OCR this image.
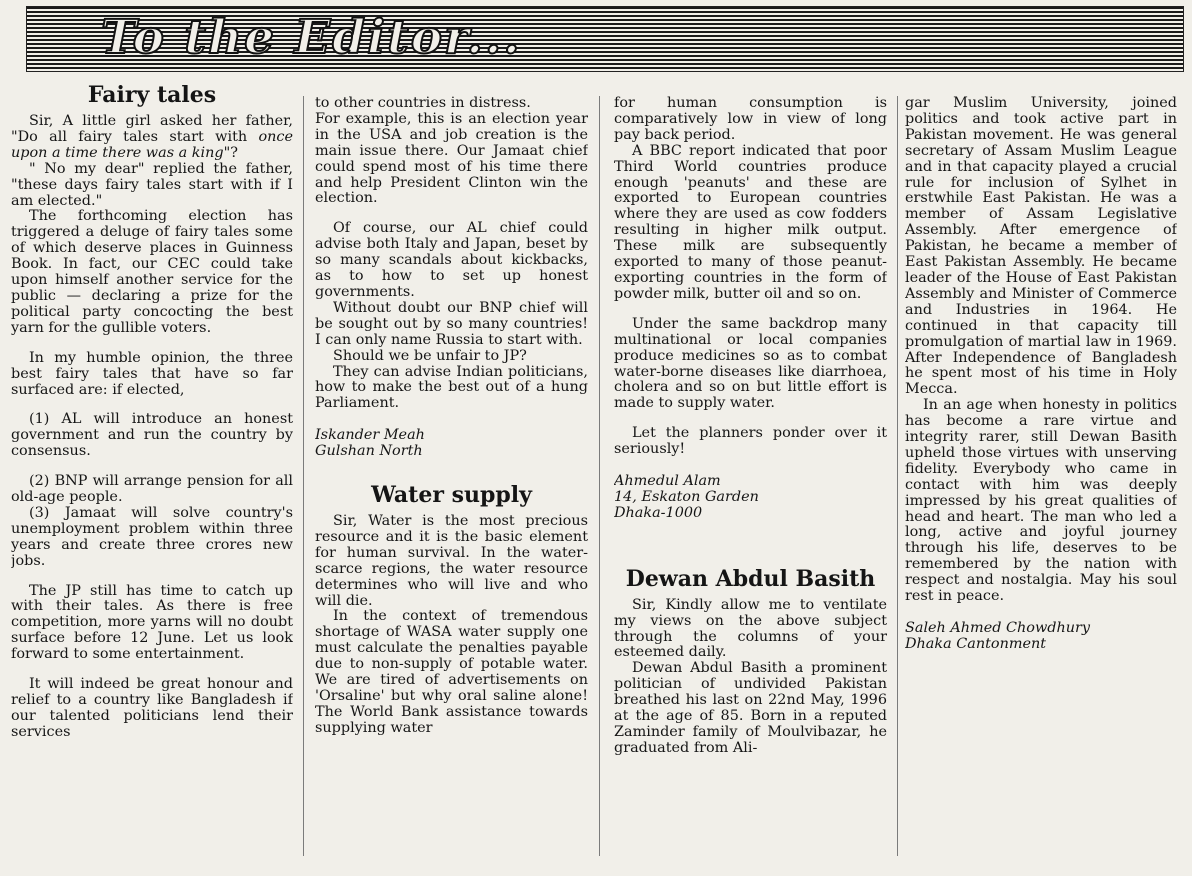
To the Editor...
Fairy tales

Sir, A little girl asked her father, "Do all fairy tales start with once upon a time there was a king"?

" No my dear" replied the father, "these days fairy tales start with if I am elected."

The forthcoming election has triggered a deluge of fairy tales some of which deserve places in Guinness Book. In fact, our CEC could take upon himself another service for the public — declaring a prize for the political party concocting the best yarn for the gullible voters.

In my humble opinion, the three best fairy tales that have so far surfaced are: if elected,

(1) AL will introduce an honest government and run the country by consensus.

(2) BNP will arrange pension for all old-age people.

(3) Jamaat will solve country's unemployment problem within three years and create three crores new jobs.

The JP still has time to catch up with their tales. As there is free competition, more yarns will no doubt surface before 12 June. Let us look forward to some entertainment.

It will indeed be great honour and relief to a country like Bangladesh if our talented politicians lend their services

to other countries in distress.

For example, this is an election year in the USA and job creation is the main issue there. Our Jamaat chief could spend most of his time there and help President Clinton win the election.

Of course, our AL chief could advise both Italy and Japan, beset by so many scandals about kickbacks, as to how to set up honest governments.

Without doubt our BNP chief will be sought out by so many countries! I can only name Russia to start with.

Should we be unfair to JP?

They can advise Indian politicians, how to make the best out of a hung Parliament.

Iskander Meah
Gulshan North
Water supply

Sir, Water is the most precious resource and it is the basic element for human survival. In the water-scarce regions, the water resource determines who will live and who will die.

In the context of tremendous shortage of WASA water supply one must calculate the penalties payable due to non-supply of potable water. We are tired of advertisements on 'Orsaline' but why oral saline alone! The World Bank assistance towards supplying water

for human consumption is comparatively low in view of long pay back period.

A BBC report indicated that poor Third World countries produce enough 'peanuts' and these are exported to European countries where they are used as cow fodders resulting in higher milk output. These milk are subsequently exported to many of those peanut-exporting countries in the form of powder milk, butter oil and so on.

Under the same backdrop many multinational or local companies produce medicines so as to combat water-borne diseases like diarrhoea, cholera and so on but little effort is made to supply water.

Let the planners ponder over it seriously!

Ahmedul Alam
14, Eskaton Garden
Dhaka-1000
Dewan Abdul Basith

Sir, Kindly allow me to ventilate my views on the above subject through the columns of your esteemed daily.

Dewan Abdul Basith a prominent politician of undivided Pakistan breathed his last on 22nd May, 1996 at the age of 85. Born in a reputed Zaminder family of Moulvibazar, he graduated from Ali-

gar Muslim University, joined politics and took active part in Pakistan movement. He was general secretary of Assam Muslim League and in that capacity played a crucial rule for inclusion of Sylhet in erstwhile East Pakistan. He was a member of Assam Legislative Assembly. After emergence of Pakistan, he became a member of East Pakistan Assembly. He became leader of the House of East Pakistan Assembly and Minister of Commerce and Industries in 1964. He continued in that capacity till promulgation of martial law in 1969. After Independence of Bangladesh he spent most of his time in Holy Mecca.

In an age when honesty in politics has become a rare virtue and integrity rarer, still Dewan Basith upheld those virtues with unserving fidelity. Everybody who came in contact with him was deeply impressed by his great qualities of head and heart. The man who led a long, active and joyful journey through his life, deserves to be remembered by the nation with respect and nostalgia. May his soul rest in peace.

Saleh Ahmed Chowdhury
Dhaka Cantonment
